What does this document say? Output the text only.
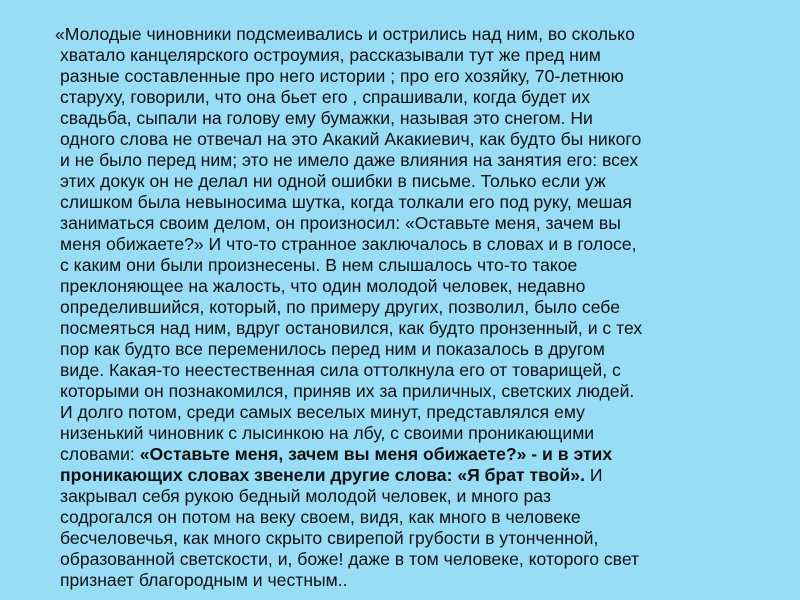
«Молодые чиновники подсмеивались и острились над ним, во сколько
хватало канцелярского остроумия, рассказывали тут же пред ним
разные составленные про него истории ; про его хозяйку, 70-летнюю
старуху, говорили, что она бьет его , спрашивали, когда будет их
свадьба, сыпали на голову ему бумажки, называя это снегом. Ни
одного слова не отвечал на это Акакий Акакиевич, как будто бы никого
и не было перед ним; это не имело даже влияния на занятия его: всех
этих докук он не делал ни одной ошибки в письме. Только если уж
слишком была невыносима шутка, когда толкали его под руку, мешая
заниматься своим делом, он произносил: «Оставьте меня, зачем вы
меня обижаете?» И что-то странное заключалось в словах и в голосе,
с каким они были произнесены. В нем слышалось что-то такое
преклоняющее на жалость, что один молодой человек, недавно
определившийся, который, по примеру других, позволил, было себе
посмеяться над ним, вдруг остановился, как будто пронзенный, и с тех
пор как будто все переменилось перед ним и показалось в другом
виде. Какая-то неестественная сила оттолкнула его от товарищей, с
которыми он познакомился, приняв их за приличных, светских людей.
И долго потом, среди самых веселых минут, представлялся ему
низенький чиновник с лысинкою на лбу, с своими проникающими
словами: «Оставьте меня, зачем вы меня обижаете?» - и в этих
проникающих словах звенели другие слова: «Я брат твой». И
закрывал себя рукою бедный молодой человек, и много раз
содрогался он потом на веку своем, видя, как много в человеке
бесчеловечья, как много скрыто свирепой грубости в утонченной,
образованной светскости, и, боже! даже в том человеке, которого свет
признает благородным и честным..
